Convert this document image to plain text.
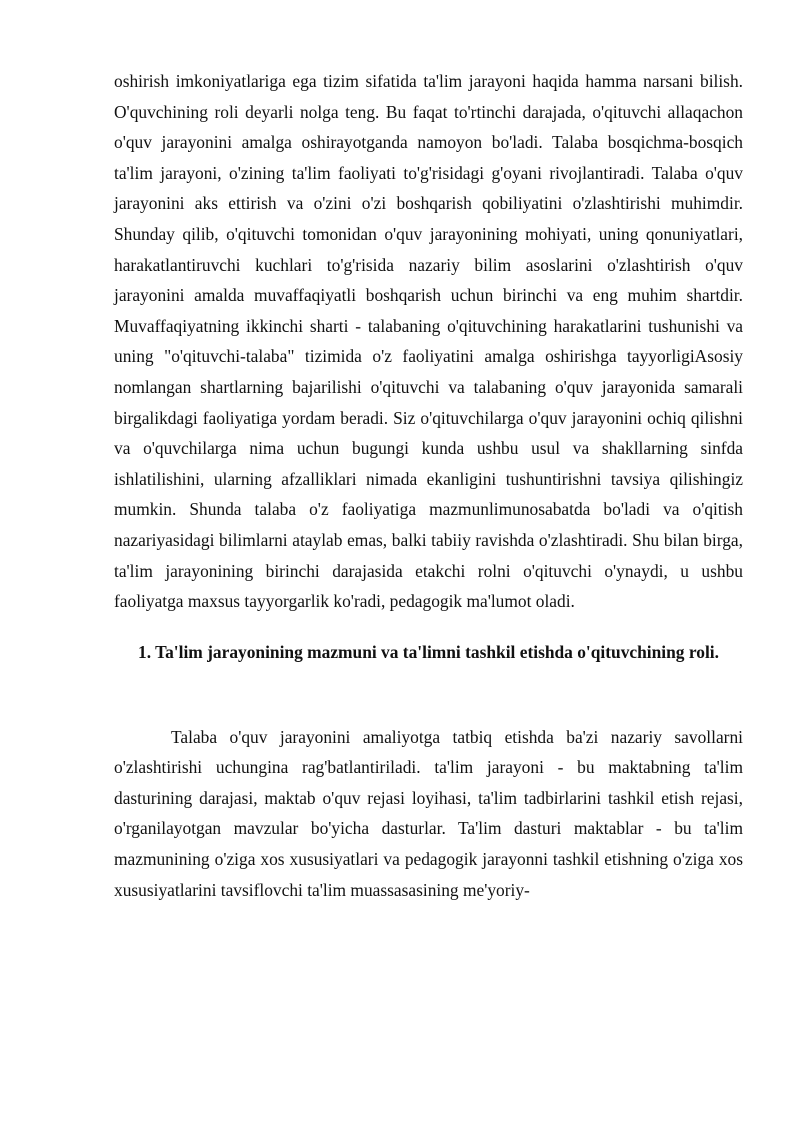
oshirish imkoniyatlariga ega tizim sifatida ta'lim jarayoni haqida hamma narsani bilish. O'quvchining roli deyarli nolga teng. Bu faqat to'rtinchi darajada, o'qituvchi allaqachon o'quv jarayonini amalga oshirayotganda namoyon bo'ladi. Talaba bosqichma-bosqich ta'lim jarayoni, o'zining ta'lim faoliyati to'g'risidagi g'oyani rivojlantiradi. Talaba o'quv jarayonini aks ettirish va o'zini o'zi boshqarish qobiliyatini o'zlashtirishi muhimdir. Shunday qilib, o'qituvchi tomonidan o'quv jarayonining mohiyati, uning qonuniyatlari, harakatlantiruvchi kuchlari to'g'risida nazariy bilim asoslarini o'zlashtirish o'quv jarayonini amalda muvaffaqiyatli boshqarish uchun birinchi va eng muhim shartdir. Muvaffaqiyatning ikkinchi sharti - talabaning o'qituvchining harakatlarini tushunishi va uning "o'qituvchi-talaba" tizimida o'z faoliyatini amalga oshirishga tayyorligiAsosiy nomlangan shartlarning bajarilishi o'qituvchi va talabaning o'quv jarayonida samarali birgalikdagi faoliyatiga yordam beradi. Siz o'qituvchilarga o'quv jarayonini ochiq qilishni va o'quvchilarga nima uchun bugungi kunda ushbu usul va shakllarning sinfda ishlatilishini, ularning afzalliklari nimada ekanligini tushuntirishni tavsiya qilishingiz mumkin. Shunda talaba o'z faoliyatiga mazmunlimunosabatda bo'ladi va o'qitish nazariyasidagi bilimlarni ataylab emas, balki tabiiy ravishda o'zlashtiradi. Shu bilan birga, ta'lim jarayonining birinchi darajasida etakchi rolni o'qituvchi o'ynaydi, u ushbu faoliyatga maxsus tayyorgarlik ko'radi, pedagogik ma'lumot oladi.

1. Ta'lim jarayonining mazmuni va ta'limni tashkil etishda o'qituvchining roli.

Talaba o'quv jarayonini amaliyotga tatbiq etishda ba'zi nazariy savollarni o'zlashtirishi uchungina rag'batlantiriladi. ta'lim jarayoni - bu maktabning ta'lim dasturining darajasi, maktab o'quv rejasi loyihasi, ta'lim tadbirlarini tashkil etish rejasi, o'rganilayotgan mavzular bo'yicha dasturlar. Ta'lim dasturi maktablar - bu ta'lim mazmunining o'ziga xos xususiyatlari va pedagogik jarayonni tashkil etishning o'ziga xos xususiyatlarini tavsiflovchi ta'lim muassasasining me'yoriy-
